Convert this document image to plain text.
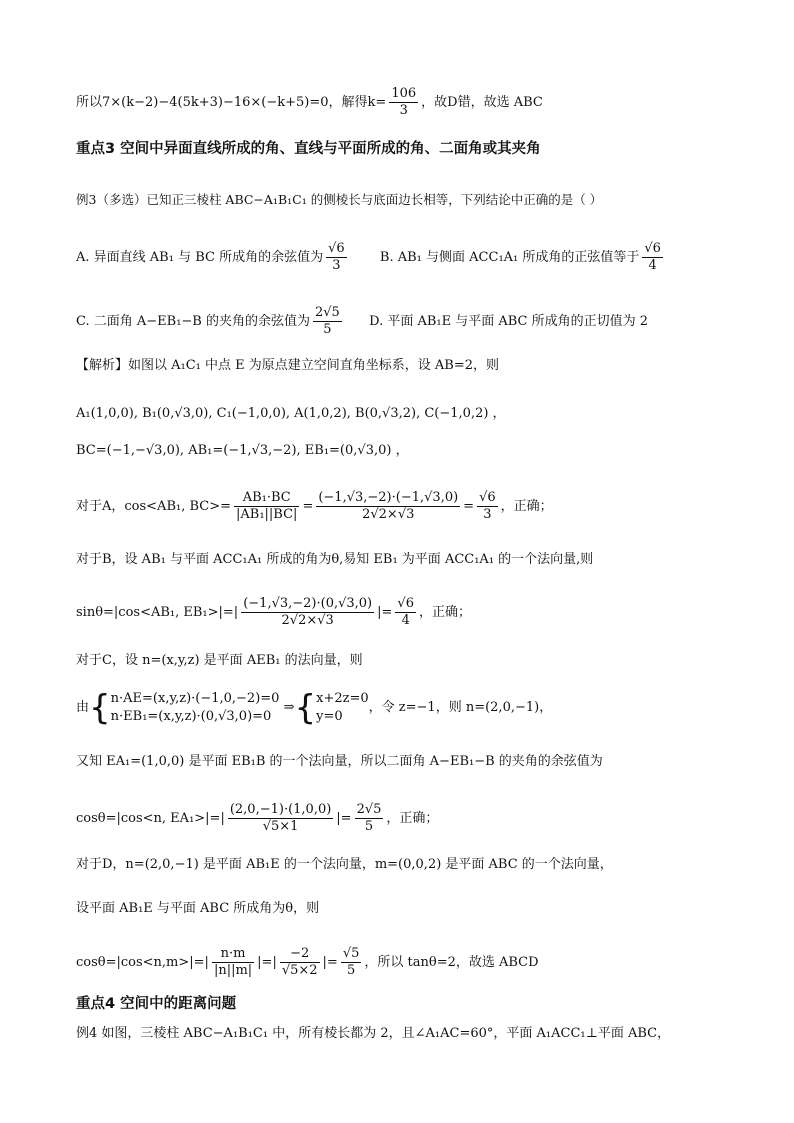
所以7×(k−2)−4(5k+3)−16×(−k+5)=0，解得$k= \frac{106}{3}$ ，故D错，故选 ABC
重点3 空间中异面直线所成的角、直线与平面所成的角、二面角或其夹角
例3（多选）已知正三棱柱 ABC−A₁B₁C₁ 的侧棱长与底面边长相等，下列结论中正确的是（ ）
A. 异面直线 AB₁ 与 BC 所成角的余弦值为 $\frac{√6}{3}$	B. AB₁ 与侧面 ACC₁A₁ 所成角的正弦值等于 $\frac{√6}{4}$
C. 二面角 A−EB₁−B 的夹角的余弦值为 $\frac{2√5}{5} D$. 平面 AB₁E 与平面 ABC 所成角的正切值为 2
【解析】如图以 A₁C₁ 中点 E 为原点建立空间直角坐标系，设 AB=2，则
A₁(1,0,0), B₁(0,√3,0), C₁(−1,0,0), A(1,0,2), B(0,√3,2), C(−1,0,2) ，
BC=(−1,−√3,0), AB₁=(−1,√3,−2), EB₁=(0,√3,0) ，
对于A，cos<AB₁, $BC>= \frac{\text{AB₁·BC}}{\text{|AB₁||BC|}} = \frac{(-1,√3,-2)\cdot(-1,√3,0)}{2√2\times√3} = \frac{√6}{3}$ ，正确；
对于B，设 AB₁ 与平面 ACC₁A₁ 所成的角为θ,易知 EB₁ 为平面 ACC₁A₁ 的一个法向量,则
sinθ=|cos<AB₁, $EB_1>|=| \frac{(-1,√3,-2)\cdot(0,√3,0)}{2√2\times√3}$ |= $\frac{√6}{4}$ ，正确；
对于C，设 n=(x,y,z) 是平面 AEB₁ 的法向量，则
由{ n·AE=(x,y,z)·(−1,0,−2)=0
n·EB₁=(x,y,z)·(0,√3,0)=0
⇒{ x+2z=0
y=0
，令 z=−1，则 n=(2,0,−1)，
又知 EA₁=(1,0,0) 是平面 EB₁B 的一个法向量，所以二面角 A−EB₁−B 的夹角的余弦值为
cosθ=|cos<n, $EA_1>|=| \frac{(2,0,-1)\cdot(1,0,0)}{√5\times 1}$ |= $\frac{2√5}{5}$ ，正确；
对于D，n=(2,0,−1) 是平面 AB₁E 的一个法向量，m=(0,0,2) 是平面 ABC 的一个法向量，
设平面 AB₁E 与平面 ABC 所成角为θ，则
$\cos\theta=|\cos<n,m>|=| \frac{n\cdot m}{|n||m|}$ |=| $\frac{-2}{√5\times 2}$ |= $\frac{√5}{5}$ ，所以 tanθ=2，故选 ABCD
重点4 空间中的距离问题
例4 如图，三棱柱 ABC−A₁B₁C₁ 中，所有棱长都为 2，且∠A₁AC=60°，平面 A₁ACC₁⊥平面 ABC，
